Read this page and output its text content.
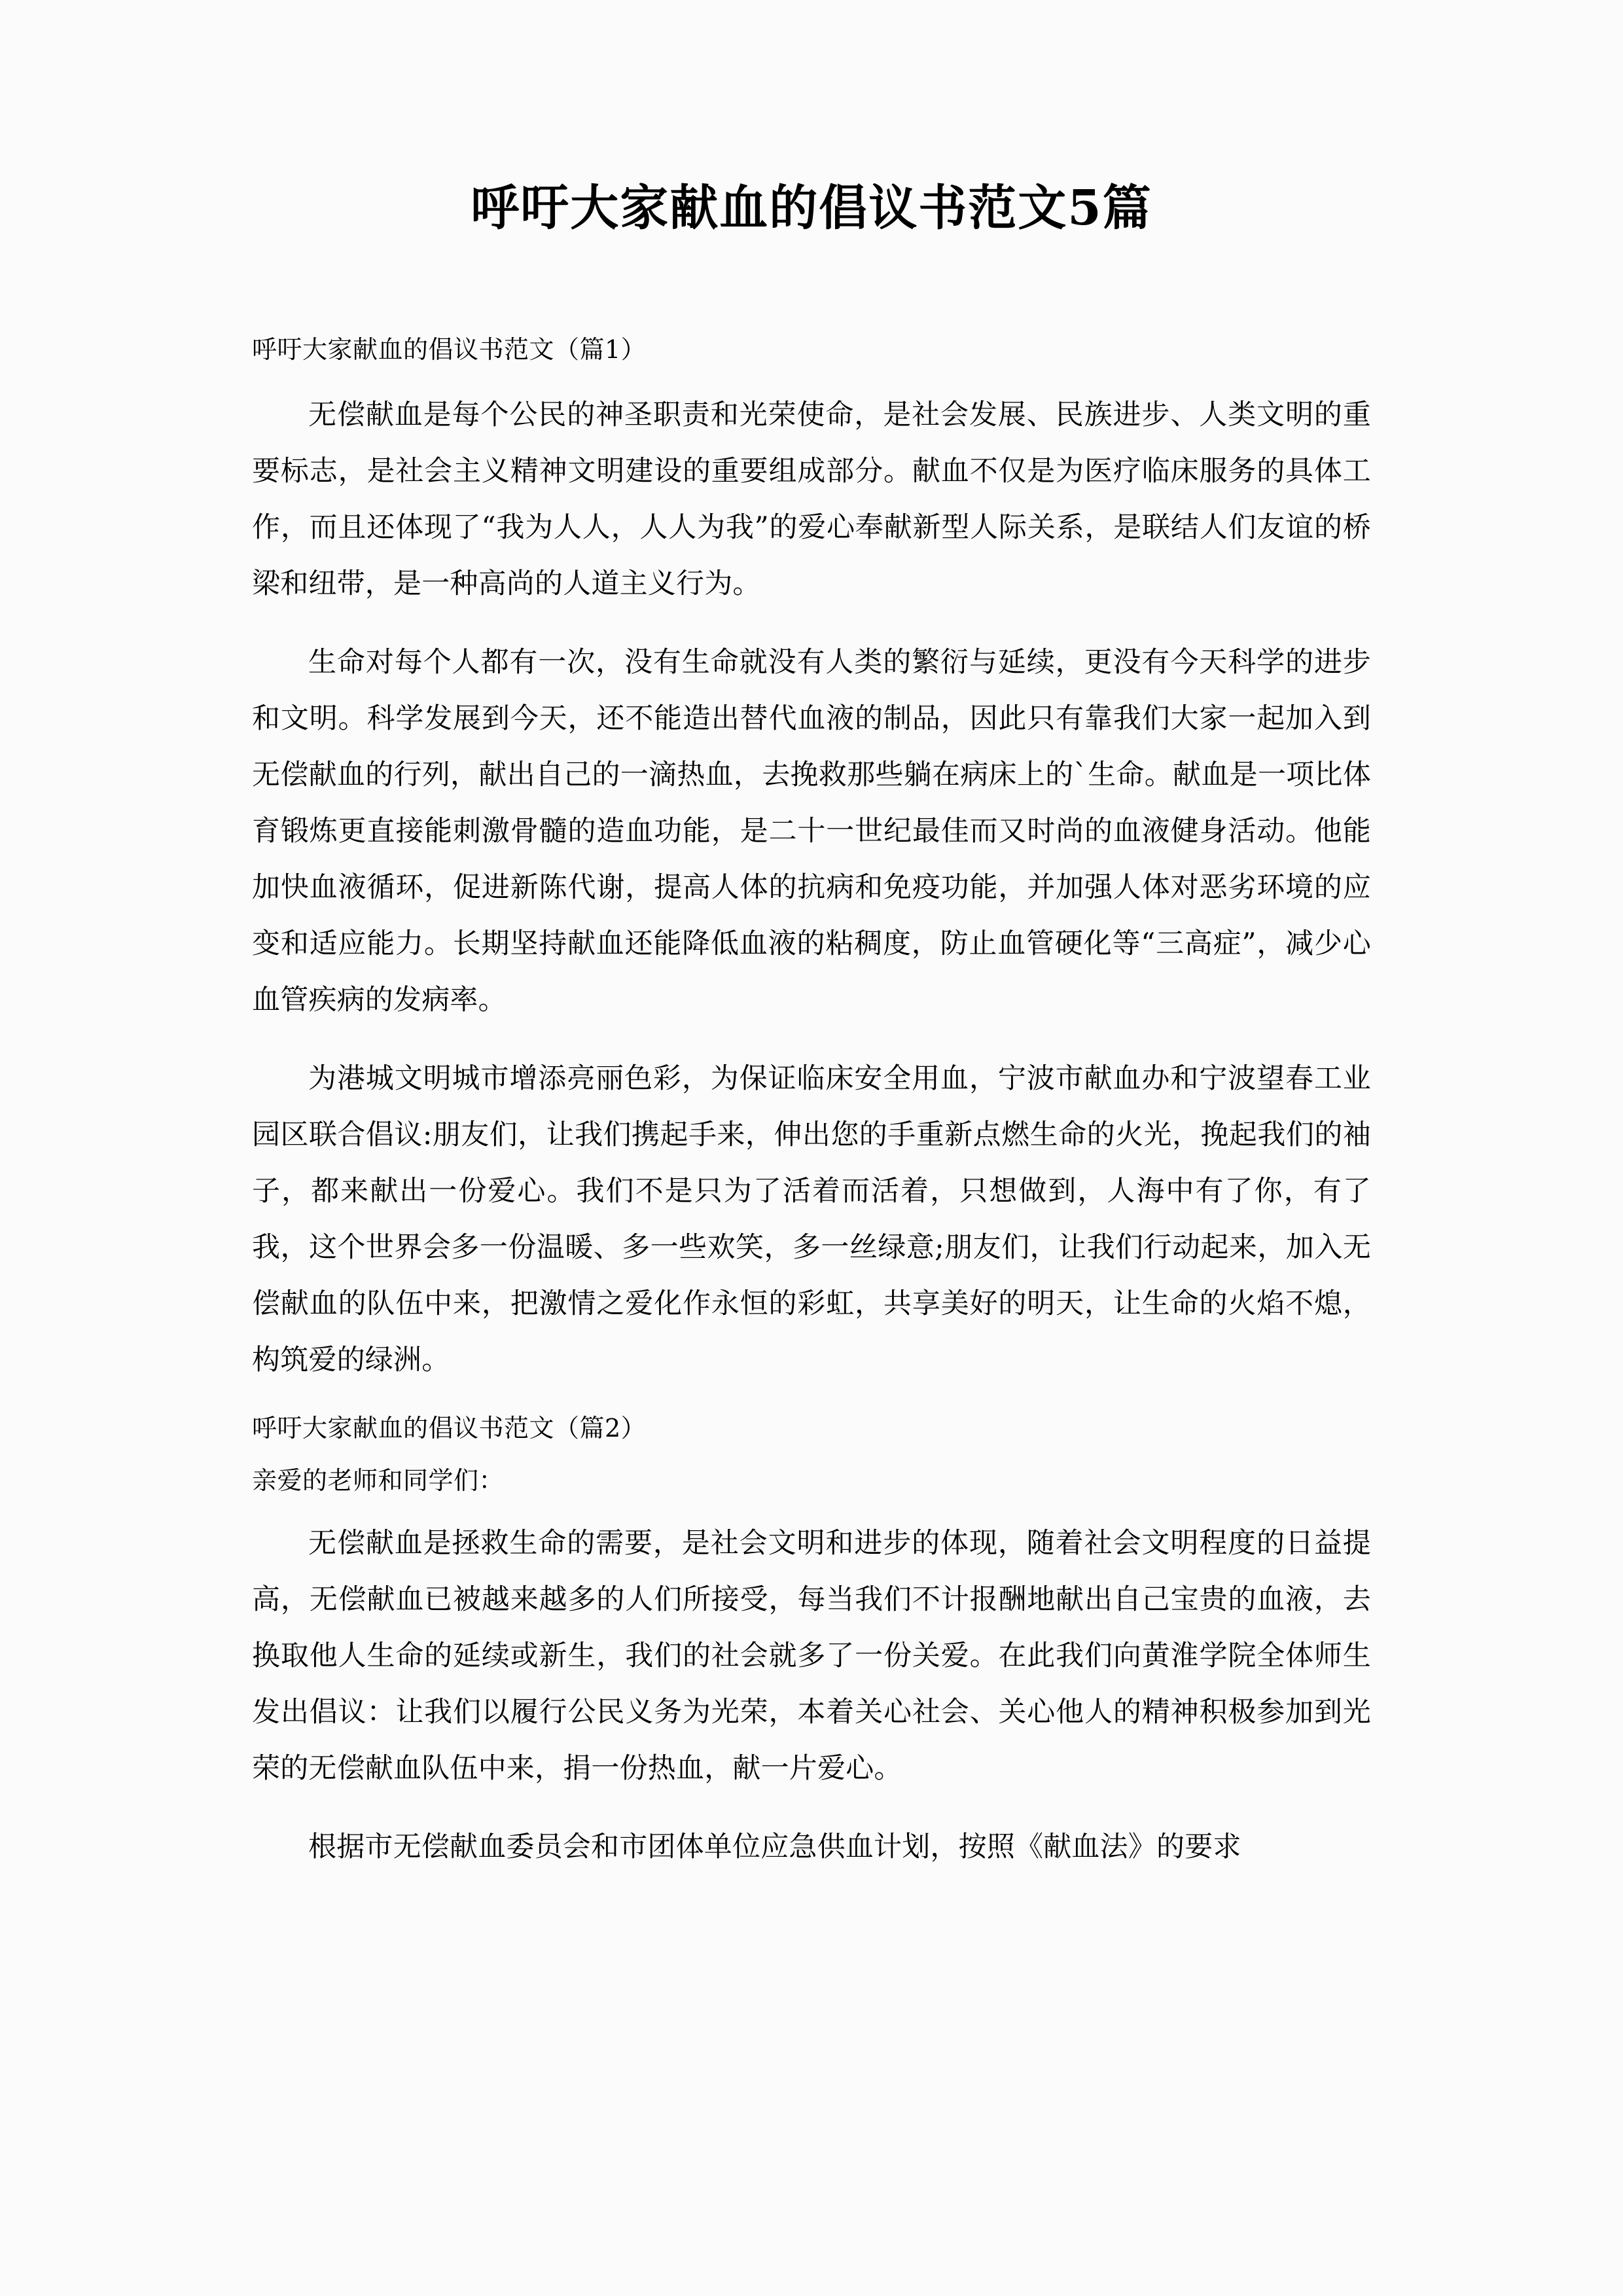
呼吁大家献血的倡议书范文5篇
呼吁大家献血的倡议书范文（篇1）

无偿献血是每个公民的神圣职责和光荣使命，是社会发展、民族进步、人类文明的重要标志，是社会主义精神文明建设的重要组成部分。献血不仅是为医疗临床服务的具体工作，而且还体现了“我为人人，人人为我”的爱心奉献新型人际关系，是联结人们友谊的桥梁和纽带，是一种高尚的人道主义行为。

生命对每个人都有一次，没有生命就没有人类的繁衍与延续，更没有今天科学的进步和文明。科学发展到今天，还不能造出替代血液的制品，因此只有靠我们大家一起加入到无偿献血的行列，献出自己的一滴热血，去挽救那些躺在病床上的`生命。献血是一项比体育锻炼更直接能刺激骨髓的造血功能，是二十一世纪最佳而又时尚的血液健身活动。他能加快血液循环，促进新陈代谢，提高人体的抗病和免疫功能，并加强人体对恶劣环境的应变和适应能力。长期坚持献血还能降低血液的粘稠度，防止血管硬化等“三高症”，减少心血管疾病的发病率。

为港城文明城市增添亮丽色彩，为保证临床安全用血，宁波市献血办和宁波望春工业园区联合倡议:朋友们，让我们携起手来，伸出您的手重新点燃生命的火光，挽起我们的袖子，都来献出一份爱心。我们不是只为了活着而活着，只想做到，人海中有了你，有了我，这个世界会多一份温暖、多一些欢笑，多一丝绿意;朋友们，让我们行动起来，加入无偿献血的队伍中来，把激情之爱化作永恒的彩虹，共享美好的明天，让生命的火焰不熄，构筑爱的绿洲。

呼吁大家献血的倡议书范文（篇2）
亲爱的老师和同学们：

无偿献血是拯救生命的需要，是社会文明和进步的体现，随着社会文明程度的日益提高，无偿献血已被越来越多的人们所接受，每当我们不计报酬地献出自己宝贵的血液，去换取他人生命的延续或新生，我们的社会就多了一份关爱。在此我们向黄淮学院全体师生发出倡议：让我们以履行公民义务为光荣，本着关心社会、关心他人的精神积极参加到光荣的无偿献血队伍中来，捐一份热血，献一片爱心。

根据市无偿献血委员会和市团体单位应急供血计划，按照《献血法》的要求
